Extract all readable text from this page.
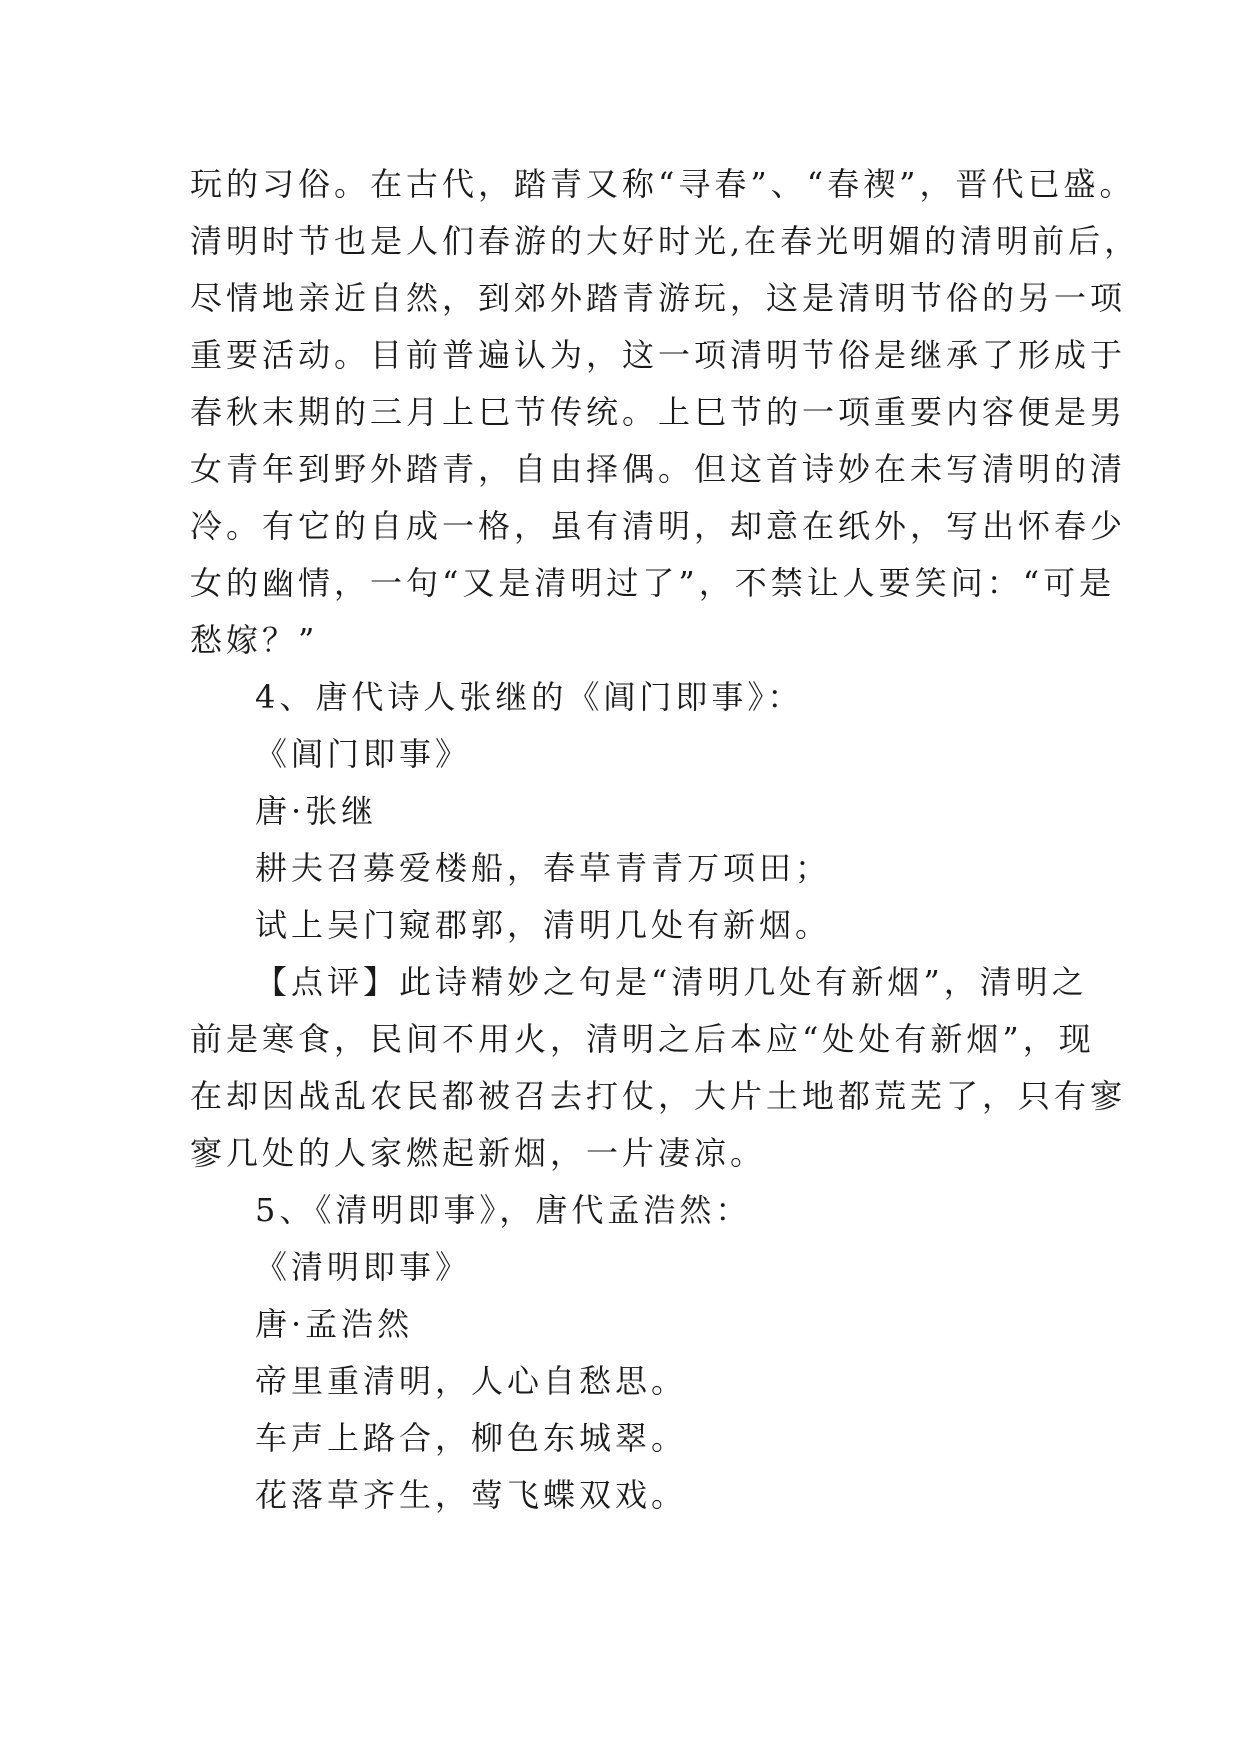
玩的习俗。在古代，踏青又称“寻春”、“春禊”，晋代已盛。
清明时节也是人们春游的大好时光,在春光明媚的清明前后，
尽情地亲近自然，到郊外踏青游玩，这是清明节俗的另一项
重要活动。目前普遍认为，这一项清明节俗是继承了形成于
春秋末期的三月上巳节传统。上巳节的一项重要内容便是男
女青年到野外踏青，自由择偶。但这首诗妙在未写清明的清
冷。有它的自成一格，虽有清明，却意在纸外，写出怀春少
女的幽情，一句“又是清明过了”，不禁让人要笑问：“可是
愁嫁？”
4、唐代诗人张继的《阊门即事》：
《阊门即事》
唐·张继
耕夫召募爱楼船，春草青青万项田；
试上吴门窥郡郭，清明几处有新烟。
【点评】此诗精妙之句是“清明几处有新烟”，清明之
前是寒食，民间不用火，清明之后本应“处处有新烟”，现
在却因战乱农民都被召去打仗，大片土地都荒芜了，只有寥
寥几处的人家燃起新烟，一片凄凉。
5、《清明即事》，唐代孟浩然：
《清明即事》
唐·孟浩然
帝里重清明，人心自愁思。
车声上路合，柳色东城翠。
花落草齐生，莺飞蝶双戏。
